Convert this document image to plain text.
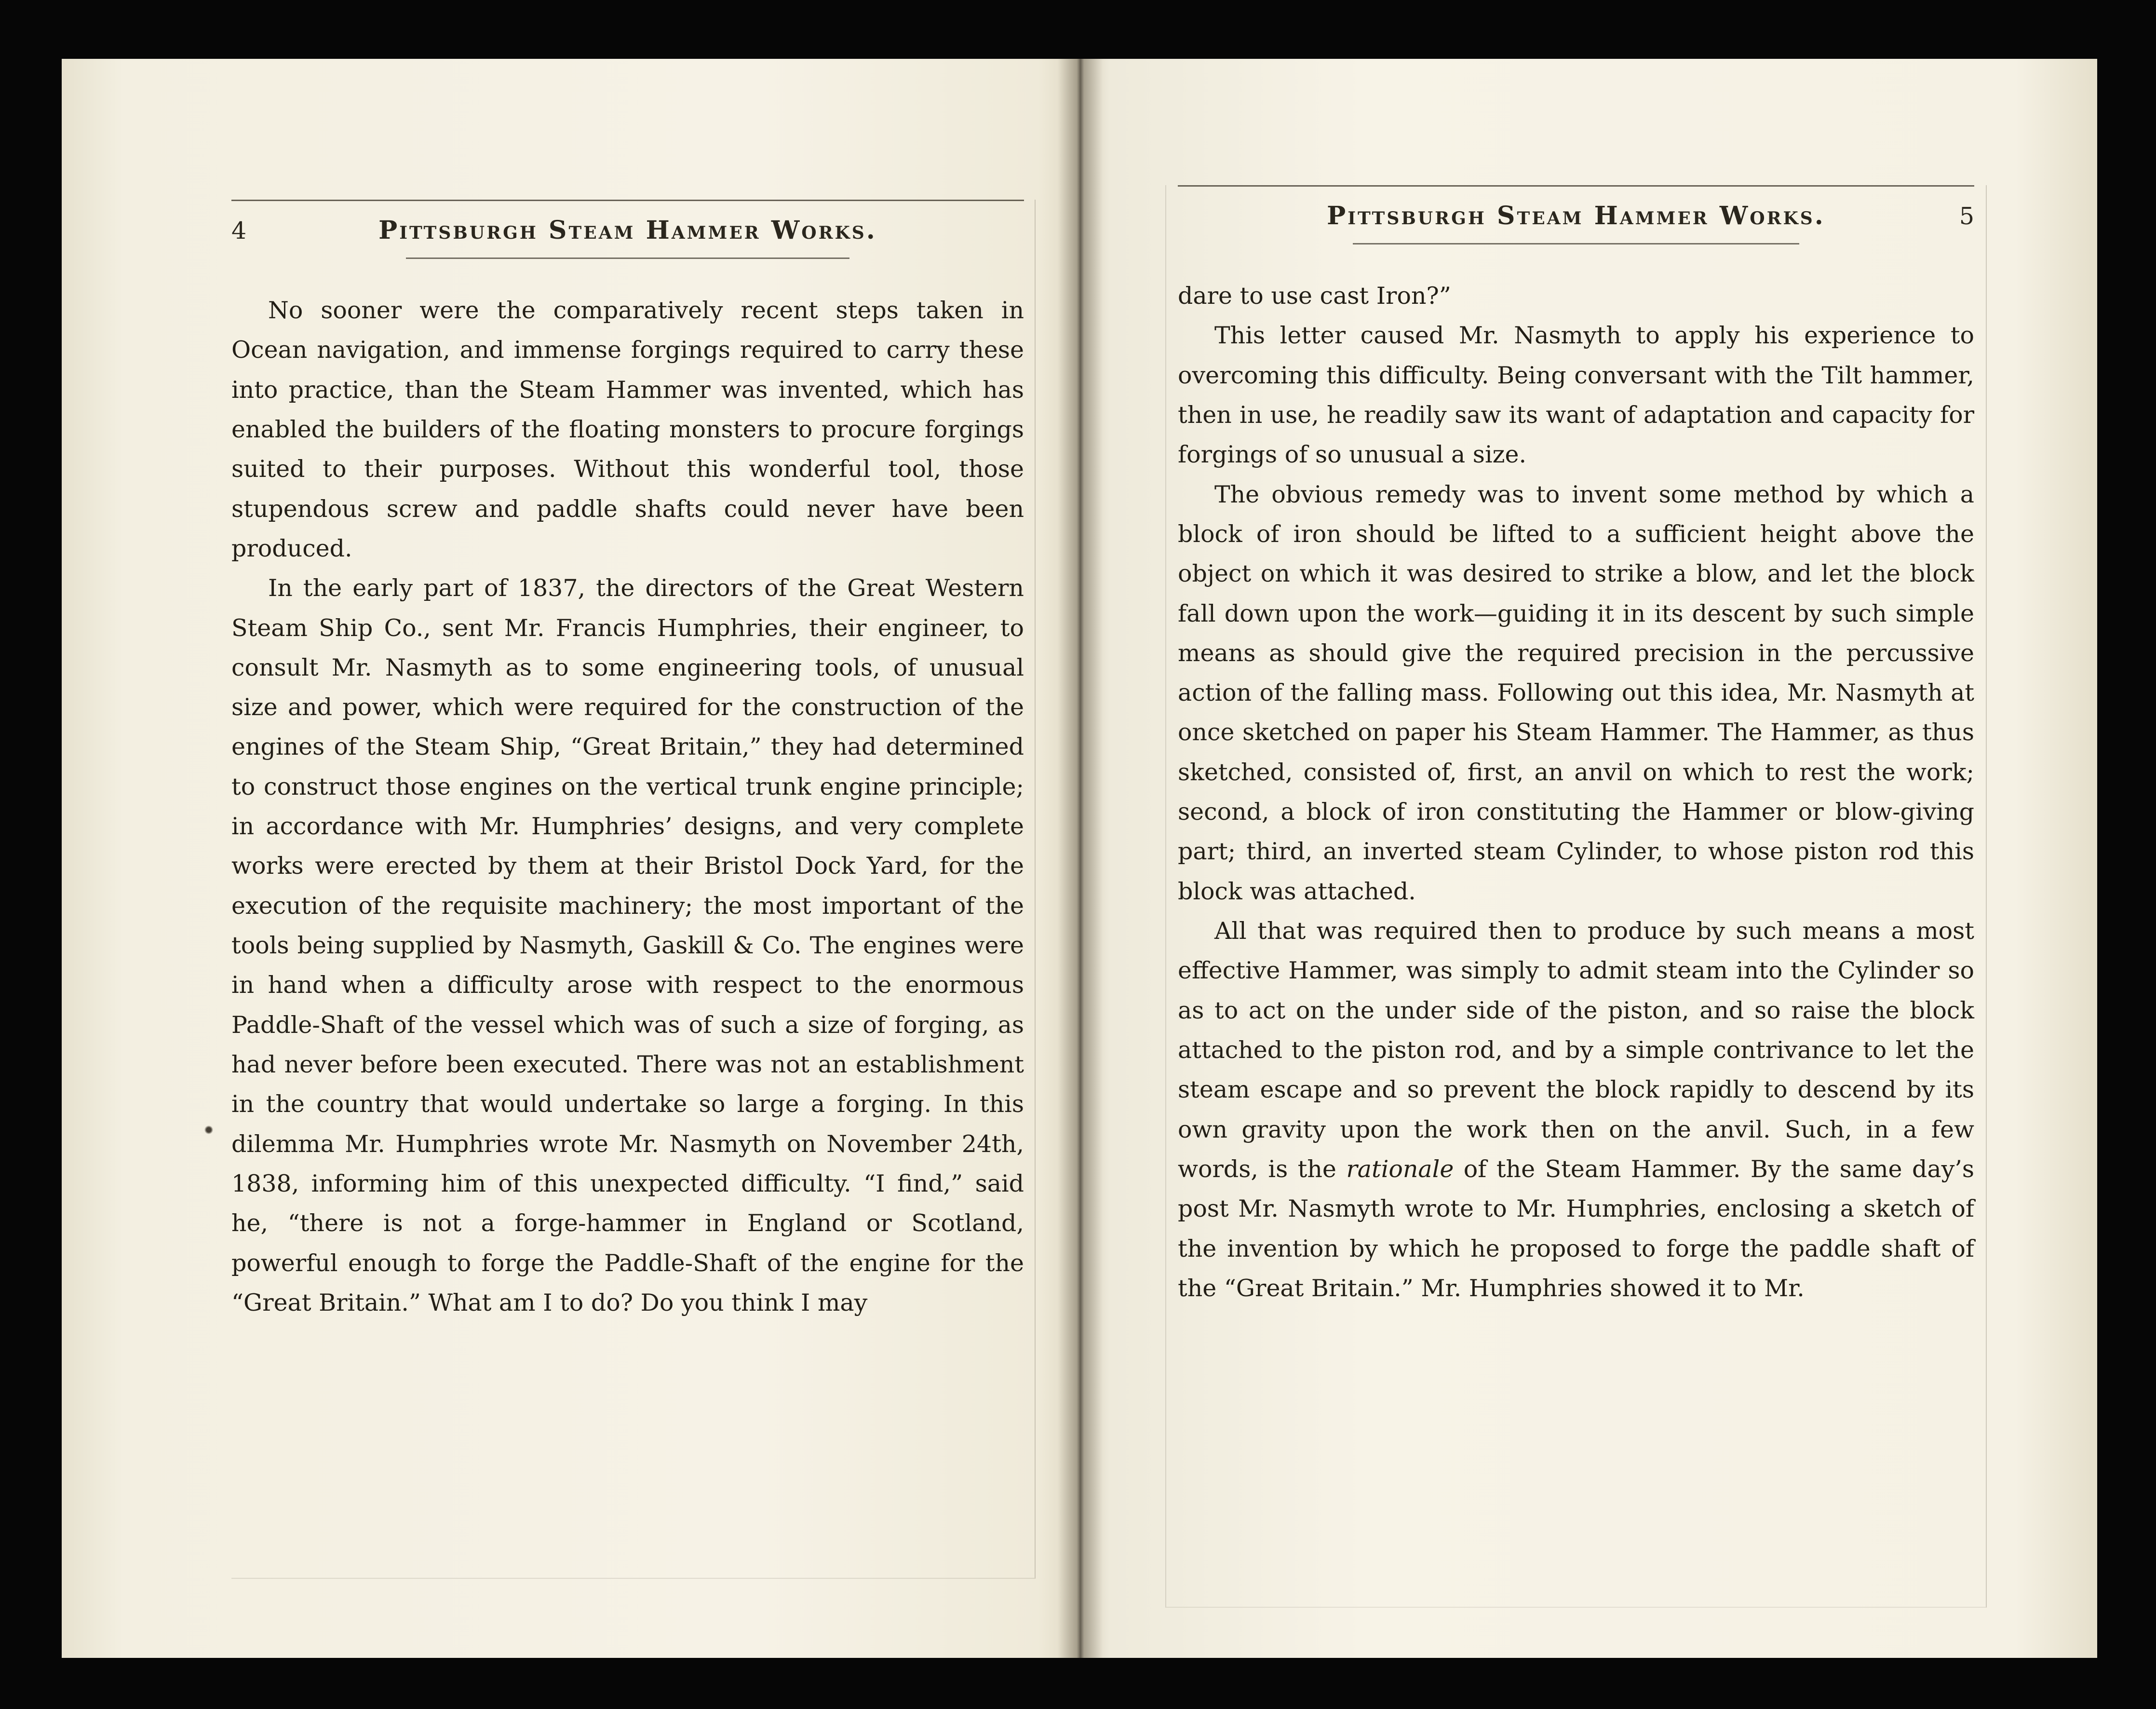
4	Pittsburgh Steam Hammer Works.

No sooner were the comparatively recent steps taken in Ocean navigation, and immense forgings required to carry these into practice, than the Steam Hammer was invented, which has enabled the builders of the floating monsters to procure forgings suited to their purposes. Without this wonderful tool, those stupendous screw and paddle shafts could never have been produced.

In the early part of 1837, the directors of the Great Western Steam Ship Co., sent Mr. Francis Humphries, their engineer, to consult Mr. Nasmyth as to some engineering tools, of unusual size and power, which were required for the construction of the engines of the Steam Ship, “Great Britain,” they had determined to construct those engines on the vertical trunk engine principle; in accordance with Mr. Humphries’ designs, and very complete works were erected by them at their Bristol Dock Yard, for the execution of the requisite machinery; the most important of the tools being supplied by Nasmyth, Gaskill & Co. The engines were in hand when a difficulty arose with respect to the enormous Paddle-Shaft of the vessel which was of such a size of forging, as had never before been executed. There was not an establishment in the country that would undertake so large a forging. In this dilemma Mr. Humphries wrote Mr. Nasmyth on November 24th, 1838, informing him of this unexpected difficulty. “I find,” said he, “there is not a forge-hammer in England or Scotland, powerful enough to forge the Paddle-Shaft of the engine for the “Great Britain.” What am I to do? Do you think I may

Pittsburgh Steam Hammer Works.	5

dare to use cast Iron?”

This letter caused Mr. Nasmyth to apply his experience to overcoming this difficulty. Being conversant with the Tilt hammer, then in use, he readily saw its want of adaptation and capacity for forgings of so unusual a size.

The obvious remedy was to invent some method by which a block of iron should be lifted to a sufficient height above the object on which it was desired to strike a blow, and let the block fall down upon the work—guiding it in its descent by such simple means as should give the required precision in the percussive action of the falling mass. Following out this idea, Mr. Nasmyth at once sketched on paper his Steam Hammer. The Hammer, as thus sketched, consisted of, first, an anvil on which to rest the work; second, a block of iron constituting the Hammer or blow-giving part; third, an inverted steam Cylinder, to whose piston rod this block was attached.

All that was required then to produce by such means a most effective Hammer, was simply to admit steam into the Cylinder so as to act on the under side of the piston, and so raise the block attached to the piston rod, and by a simple contrivance to let the steam escape and so prevent the block rapidly to descend by its own gravity upon the work then on the anvil. Such, in a few words, is the rationale of the Steam Hammer. By the same day’s post Mr. Nasmyth wrote to Mr. Humphries, enclosing a sketch of the invention by which he proposed to forge the paddle shaft of the “Great Britain.” Mr. Humphries showed it to Mr.
